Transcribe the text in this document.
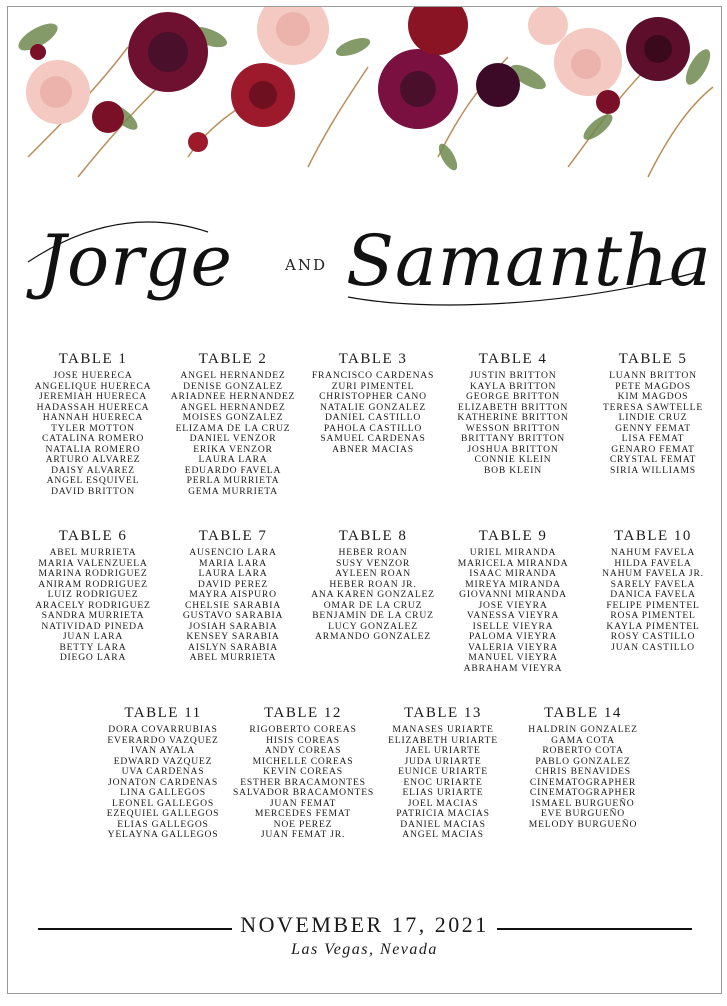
Jorge	AND Samantha
TABLE 1
JOSE HUERECA
ANGELIQUE HUERECA
JEREMIAH HUERECA
HADASSAH HUERECA
HANNAH HUERECA
TYLER MOTTON
CATALINA ROMERO
NATALIA ROMERO
ARTURO ALVAREZ
DAISY ALVAREZ
ANGEL ESQUIVEL
DAVID BRITTON
TABLE 2
ANGEL HERNANDEZ
DENISE GONZALEZ
ARIADNEE HERNANDEZ
ANGEL HERNANDEZ
MOISES GONZALEZ
ELIZAMA DE LA CRUZ
DANIEL VENZOR
ERIKA VENZOR
LAURA LARA
EDUARDO FAVELA
PERLA MURRIETA
GEMA MURRIETA
TABLE 3
FRANCISCO CARDENAS
ZURI PIMENTEL
CHRISTOPHER CANO
NATALIE GONZALEZ
DANIEL CASTILLO
PAHOLA CASTILLO
SAMUEL CARDENAS
ABNER MACIAS
TABLE 4
JUSTIN BRITTON
KAYLA BRITTON
GEORGE BRITTON
ELIZABETH BRITTON
KATHERINE BRITTON
WESSON BRITTON
BRITTANY BRITTON
JOSHUA BRITTON
CONNIE KLEIN
BOB KLEIN
TABLE 5
LUANN BRITTON
PETE MAGDOS
KIM MAGDOS
TERESA SAWTELLE
LINDIE CRUZ
GENNY FEMAT
LISA FEMAT
GENARO FEMAT
CRYSTAL FEMAT
SIRIA WILLIAMS
TABLE 6
ABEL MURRIETA
MARIA VALENZUELA
MARINA RODRIGUEZ
ANIRAM RODRIGUEZ
LUIZ RODRIGUEZ
ARACELY RODRIGUEZ
SANDRA MURRIETA
NATIVIDAD PINEDA
JUAN LARA
BETTY LARA
DIEGO LARA
TABLE 7
AUSENCIO LARA
MARIA LARA
LAURA LARA
DAVID PEREZ
MAYRA AISPURO
CHELSIE SARABIA
GUSTAVO SARABIA
JOSIAH SARABIA
KENSEY SARABIA
AISLYN SARABIA
ABEL MURRIETA
TABLE 8
HEBER ROAN
SUSY VENZOR
AYLEEN ROAN
HEBER ROAN JR.
ANA KAREN GONZALEZ
OMAR DE LA CRUZ
BENJAMIN DE LA CRUZ
LUCY GONZALEZ
ARMANDO GONZALEZ
TABLE 9
URIEL MIRANDA
MARICELA MIRANDA
ISAAC MIRANDA
MIREYA MIRANDA
GIOVANNI MIRANDA
JOSE VIEYRA
VANESSA VIEYRA
ISELLE VIEYRA
PALOMA VIEYRA
VALERIA VIEYRA
MANUEL VIEYRA
ABRAHAM VIEYRA
TABLE 10
NAHUM FAVELA
HILDA FAVELA
NAHUM FAVELA JR.
SARELY FAVELA
DANICA FAVELA
FELIPE PIMENTEL
ROSA PIMENTEL
KAYLA PIMENTEL
ROSY CASTILLO
JUAN CASTILLO
TABLE 11
DORA COVARRUBIAS
EVERARDO VAZQUEZ
IVAN AYALA
EDWARD VAZQUEZ
UVA CARDENAS
JONATON CARDENAS
LINA GALLEGOS
LEONEL GALLEGOS
EZEQUIEL GALLEGOS
ELIAS GALLEGOS
YELAYNA GALLEGOS
TABLE 12
RIGOBERTO COREAS
HISIS COREAS
ANDY COREAS
MICHELLE COREAS
KEVIN COREAS
ESTHER BRACAMONTES
SALVADOR BRACAMONTES
JUAN FEMAT
MERCEDES FEMAT
NOE PEREZ
JUAN FEMAT JR.
TABLE 13
MANASES URIARTE
ELIZABETH URIARTE
JAEL URIARTE
JUDA URIARTE
EUNICE URIARTE
ENOC URIARTE
ELIAS URIARTE
JOEL MACIAS
PATRICIA MACIAS
DANIEL MACIAS
ANGEL MACIAS
TABLE 14
HALDRIN GONZALEZ
GAMA COTA
ROBERTO COTA
PABLO GONZALEZ
CHRIS BENAVIDES
CINEMATOGRAPHER
CINEMATOGRAPHER
ISMAEL BURGUEÑO
EVE BURGUEÑO
MELODY BURGUEÑO
NOVEMBER 17, 2021
Las Vegas, Nevada
